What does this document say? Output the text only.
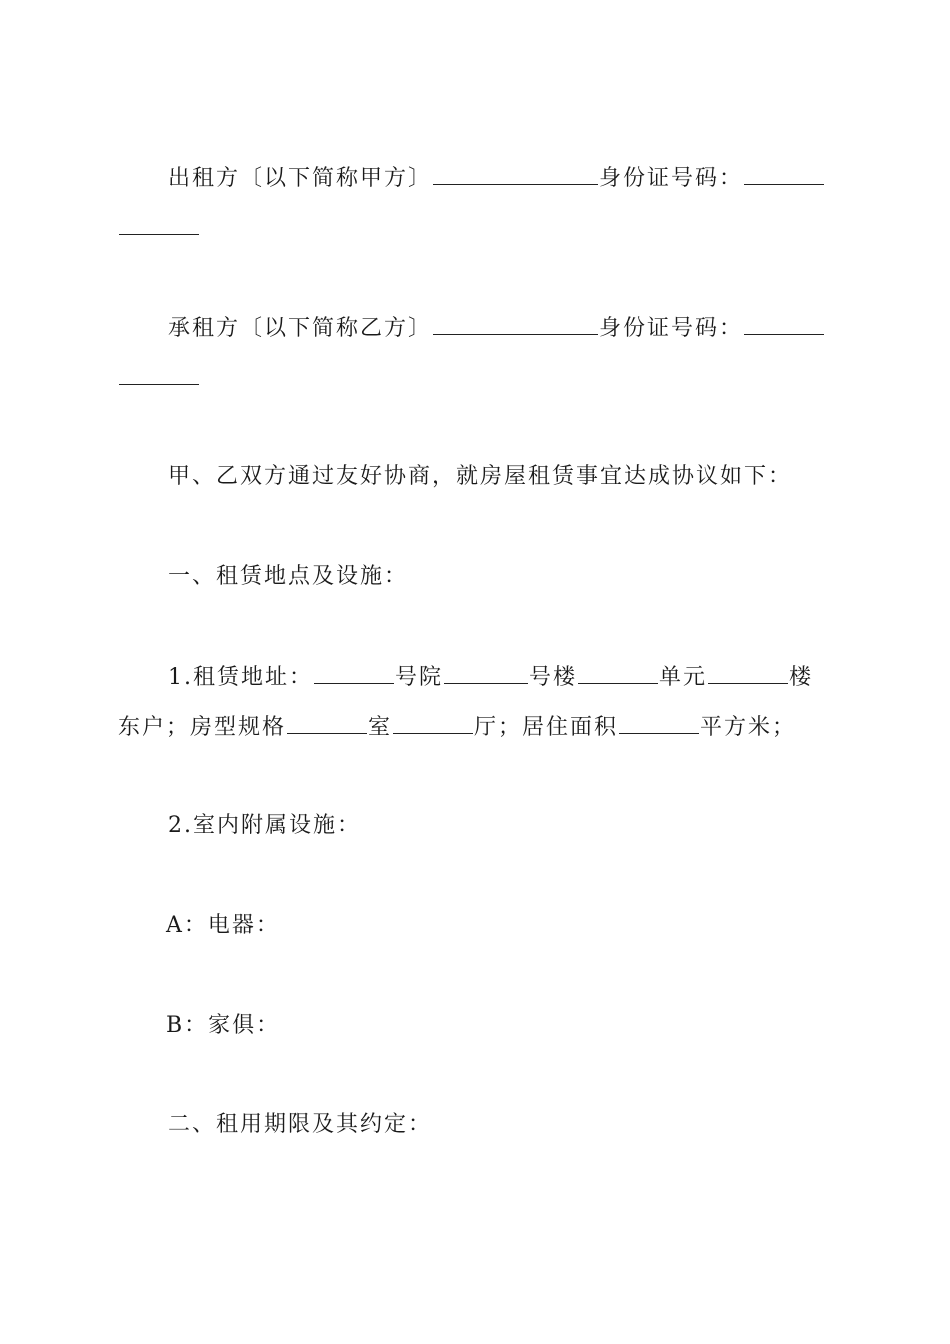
出租方〔以下简称甲方〕	身份证号码：
承租方〔以下简称乙方〕	身份证号码：
甲、乙双方通过友好协商，就房屋租赁事宜达成协议如下：
一、租赁地点及设施：
1.租赁地址：	号院	号楼	单元	楼
东户；房型规格	室	厅；居住面积	平方米；
2.室内附属设施：
A：电器：
B：家俱：
二、租用期限及其约定：
